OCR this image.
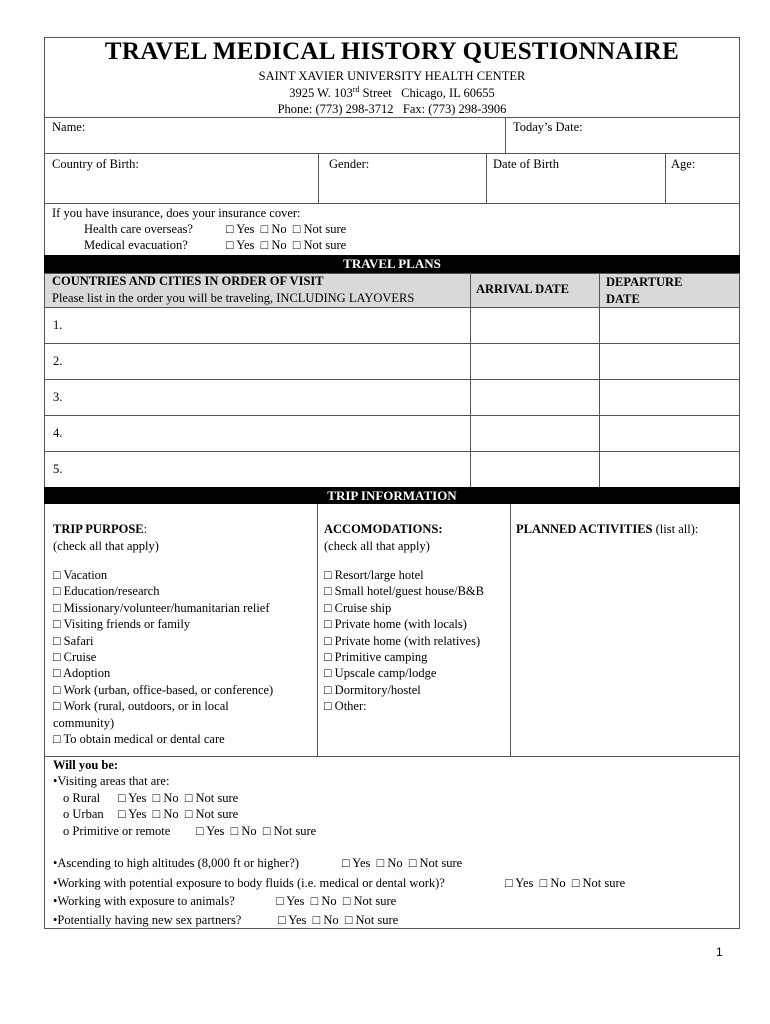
TRAVEL MEDICAL HISTORY QUESTIONNAIRE
SAINT XAVIER UNIVERSITY HEALTH CENTER
3925 W. 103rd Street   Chicago, IL 60655
Phone: (773) 298-3712   Fax: (773) 298-3906
Name:	Today’s Date:
Country of Birth:	Gender:	Date of Birth	Age:
If you have insurance, does your insurance cover:
Health care overseas?	□ Yes  □ No  □ Not sure
Medical evacuation?	□ Yes  □ No  □ Not sure
TRAVEL PLANS
COUNTRIES AND CITIES IN ORDER OF VISIT
Please list in the order you will be traveling, INCLUDING LAYOVERS
ARRIVAL DATE	DEPARTURE
DATE
1.
2.
3.
4.
5.
TRIP INFORMATION
TRIP PURPOSE:
(check all that apply)
□ Vacation
□ Education/research
□ Missionary/volunteer/humanitarian relief
□ Visiting friends or family
□ Safari
□ Cruise
□ Adoption
□ Work (urban, office-based, or conference)
□ Work (rural, outdoors, or in local
community)
□ To obtain medical or dental care
ACCOMODATIONS:
(check all that apply)
□ Resort/large hotel
□ Small hotel/guest house/B&B
□ Cruise ship
□ Private home (with locals)
□ Private home (with relatives)
□ Primitive camping
□ Upscale camp/lodge
□ Dormitory/hostel
□ Other:
PLANNED ACTIVITIES (list all):
Will you be:
•Visiting areas that are:
o Rural □ Yes  □ No  □ Not sure
o Urban □ Yes  □ No  □ Not sure
o Primitive or remote □ Yes  □ No  □ Not sure
•Ascending to high altitudes (8,000 ft or higher?)	□ Yes  □ No  □ Not sure
•Working with potential exposure to body fluids (i.e. medical or dental work)?	□ Yes  □ No  □ Not sure
•Working with exposure to animals?	□ Yes  □ No  □ Not sure
•Potentially having new sex partners?	□ Yes  □ No  □ Not sure
1
